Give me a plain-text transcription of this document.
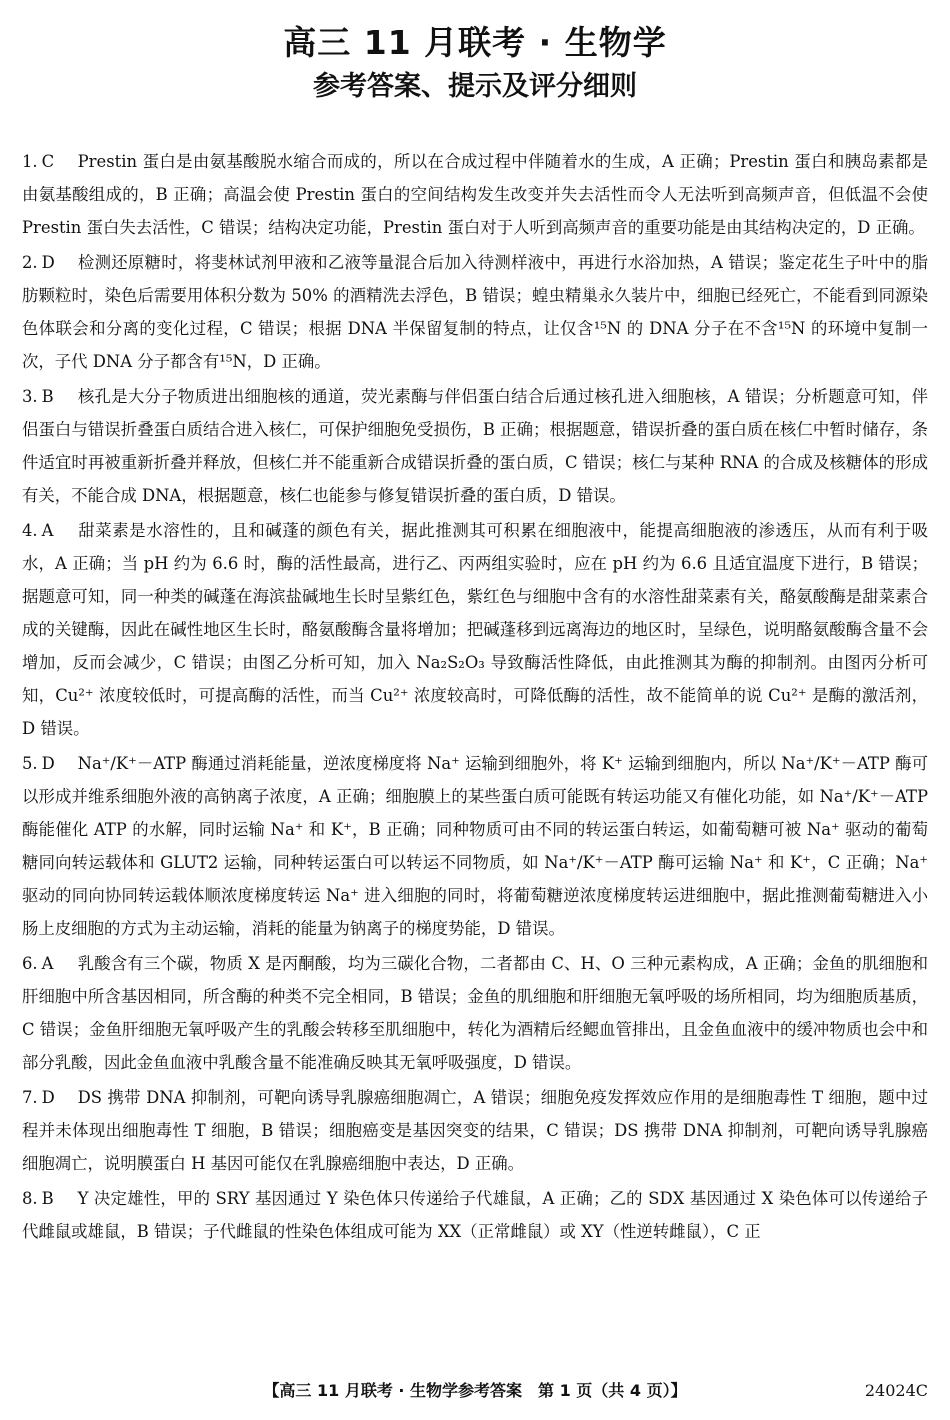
高三 11 月联考 · 生物学
参考答案、提示及评分细则

1. C Prestin 蛋白是由氨基酸脱水缩合而成的，所以在合成过程中伴随着水的生成，A 正确；Prestin 蛋白和胰岛素都是由氨基酸组成的，B 正确；高温会使 Prestin 蛋白的空间结构发生改变并失去活性而令人无法听到高频声音，但低温不会使 Prestin 蛋白失去活性，C 错误；结构决定功能，Prestin 蛋白对于人听到高频声音的重要功能是由其结构决定的，D 正确。

2. D 检测还原糖时，将斐林试剂甲液和乙液等量混合后加入待测样液中，再进行水浴加热，A 错误；鉴定花生子叶中的脂肪颗粒时，染色后需要用体积分数为 50% 的酒精洗去浮色，B 错误；蝗虫精巢永久装片中，细胞已经死亡，不能看到同源染色体联会和分离的变化过程，C 错误；根据 DNA 半保留复制的特点，让仅含¹⁵N 的 DNA 分子在不含¹⁵N 的环境中复制一次，子代 DNA 分子都含有¹⁵N，D 正确。

3. B 核孔是大分子物质进出细胞核的通道，荧光素酶与伴侣蛋白结合后通过核孔进入细胞核，A 错误；分析题意可知，伴侣蛋白与错误折叠蛋白质结合进入核仁，可保护细胞免受损伤，B 正确；根据题意，错误折叠的蛋白质在核仁中暂时储存，条件适宜时再被重新折叠并释放，但核仁并不能重新合成错误折叠的蛋白质，C 错误；核仁与某种 RNA 的合成及核糖体的形成有关，不能合成 DNA，根据题意，核仁也能参与修复错误折叠的蛋白质，D 错误。

4. A 甜菜素是水溶性的，且和碱蓬的颜色有关，据此推测其可积累在细胞液中，能提高细胞液的渗透压，从而有利于吸水，A 正确；当 pH 约为 6.6 时，酶的活性最高，进行乙、丙两组实验时，应在 pH 约为 6.6 且适宜温度下进行，B 错误；据题意可知，同一种类的碱蓬在海滨盐碱地生长时呈紫红色，紫红色与细胞中含有的水溶性甜菜素有关，酪氨酸酶是甜菜素合成的关键酶，因此在碱性地区生长时，酪氨酸酶含量将增加；把碱蓬移到远离海边的地区时，呈绿色，说明酪氨酸酶含量不会增加，反而会减少，C 错误；由图乙分析可知，加入 Na₂S₂O₃ 导致酶活性降低，由此推测其为酶的抑制剂。由图丙分析可知，Cu²⁺ 浓度较低时，可提高酶的活性，而当 Cu²⁺ 浓度较高时，可降低酶的活性，故不能简单的说 Cu²⁺ 是酶的激活剂，D 错误。

5. D Na⁺/K⁺－ATP 酶通过消耗能量，逆浓度梯度将 Na⁺ 运输到细胞外，将 K⁺ 运输到细胞内，所以 Na⁺/K⁺－ATP 酶可以形成并维系细胞外液的高钠离子浓度，A 正确；细胞膜上的某些蛋白质可能既有转运功能又有催化功能，如 Na⁺/K⁺－ATP 酶能催化 ATP 的水解，同时运输 Na⁺ 和 K⁺，B 正确；同种物质可由不同的转运蛋白转运，如葡萄糖可被 Na⁺ 驱动的葡萄糖同向转运载体和 GLUT2 运输，同种转运蛋白可以转运不同物质，如 Na⁺/K⁺－ATP 酶可运输 Na⁺ 和 K⁺，C 正确；Na⁺ 驱动的同向协同转运载体顺浓度梯度转运 Na⁺ 进入细胞的同时，将葡萄糖逆浓度梯度转运进细胞中，据此推测葡萄糖进入小肠上皮细胞的方式为主动运输，消耗的能量为钠离子的梯度势能，D 错误。

6. A 乳酸含有三个碳，物质 X 是丙酮酸，均为三碳化合物，二者都由 C、H、O 三种元素构成，A 正确；金鱼的肌细胞和肝细胞中所含基因相同，所含酶的种类不完全相同，B 错误；金鱼的肌细胞和肝细胞无氧呼吸的场所相同，均为细胞质基质，C 错误；金鱼肝细胞无氧呼吸产生的乳酸会转移至肌细胞中，转化为酒精后经鳃血管排出，且金鱼血液中的缓冲物质也会中和部分乳酸，因此金鱼血液中乳酸含量不能准确反映其无氧呼吸强度，D 错误。

7. D DS 携带 DNA 抑制剂，可靶向诱导乳腺癌细胞凋亡，A 错误；细胞免疫发挥效应作用的是细胞毒性 T 细胞，题中过程并未体现出细胞毒性 T 细胞，B 错误；细胞癌变是基因突变的结果，C 错误；DS 携带 DNA 抑制剂，可靶向诱导乳腺癌细胞凋亡，说明膜蛋白 H 基因可能仅在乳腺癌细胞中表达，D 正确。

8. B Y 决定雄性，甲的 SRY 基因通过 Y 染色体只传递给子代雄鼠，A 正确；乙的 SDX 基因通过 X 染色体可以传递给子代雌鼠或雄鼠，B 错误；子代雌鼠的性染色体组成可能为 XX（正常雌鼠）或 XY（性逆转雌鼠），C 正

【高三 11 月联考 · 生物学参考答案　第 1 页（共 4 页）】	24024C
